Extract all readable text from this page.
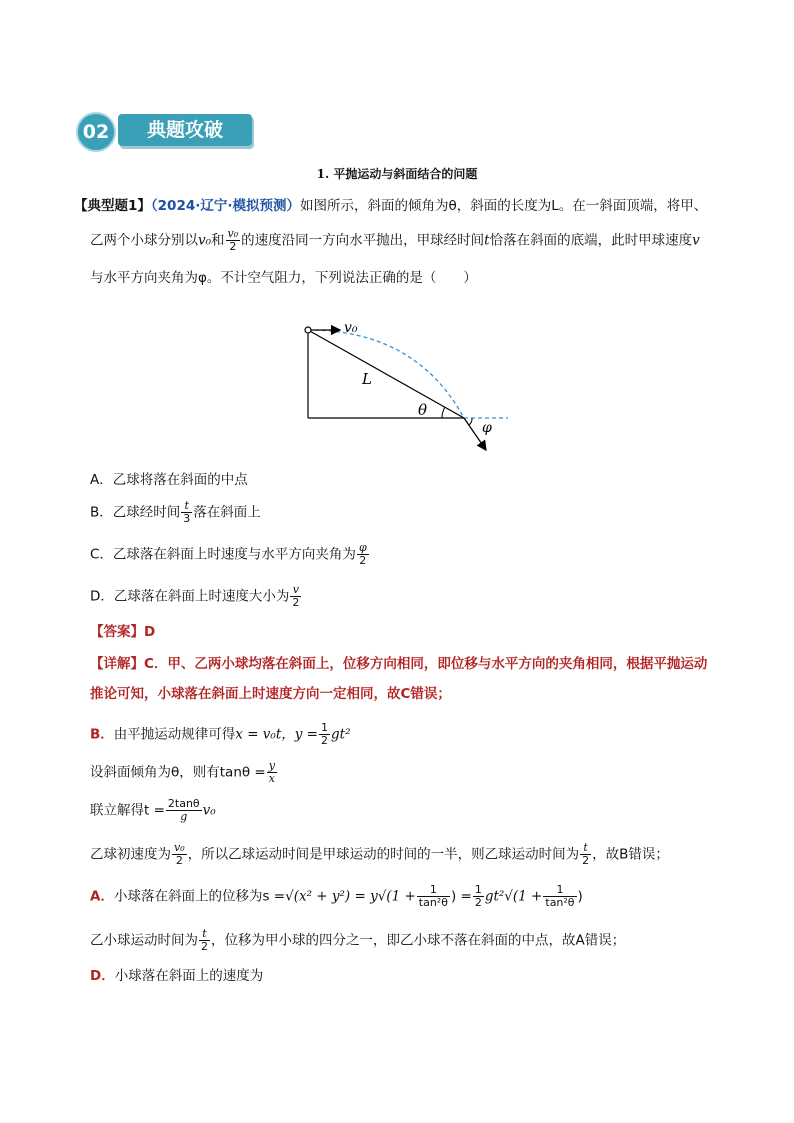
02	典题攻破
1. 平抛运动与斜面结合的问题
【典型题1】（2024·辽宁·模拟预测）如图所示，斜面的倾角为θ，斜面的长度为L。在一斜面顶端，将甲、
乙两个小球分别以v₀和 $\frac{\text{v₀}}{2}$ 的速度沿同一方向水平抛出，甲球经时间t恰落在斜面的底端，此时甲球速度v
与水平方向夹角为φ。不计空气阻力，下列说法正确的是（　　）
v₀
L
θ
φ
A．乙球将落在斜面的中点
B．乙球经时间 $\frac{t}{3}$ 落在斜面上
C．乙球落在斜面上时速度与水平方向夹角为 $\frac{\varphi}{2}$
D．乙球落在斜面上时速度大小为 $\frac{v}{2}$
【答案】D
【详解】C．甲、乙两小球均落在斜面上，位移方向相同，即位移与水平方向的夹角相同，根据平抛运动
推论可知，小球落在斜面上时速度方向一定相同，故C错误；
B．由平抛运动规律可得x = v₀t，$y = \frac{1}{2} gt^2$
设斜面倾角为θ，则有$\tan\theta = \frac{y}{x}$
联立解得$t = \frac{2\tan\theta}{g} v_0$
乙球初速度为 $\frac{\text{v₀}}{2}$ ，所以乙球运动时间是甲球运动的时间的一半，则乙球运动时间为 $\frac{t}{2}$ ，故B错误；
A．小球落在斜面上的位移为$s =√(x^2 + y^2) = y√(1 + \frac{1}{\text{tan²θ}}$ ) = $\frac{1}{2} gt^2√(1 + \frac{1}{\text{tan²θ}}$ )
乙小球运动时间为 $\frac{t}{2}$ ，位移为甲小球的四分之一，即乙小球不落在斜面的中点，故A错误；
D．小球落在斜面上的速度为
